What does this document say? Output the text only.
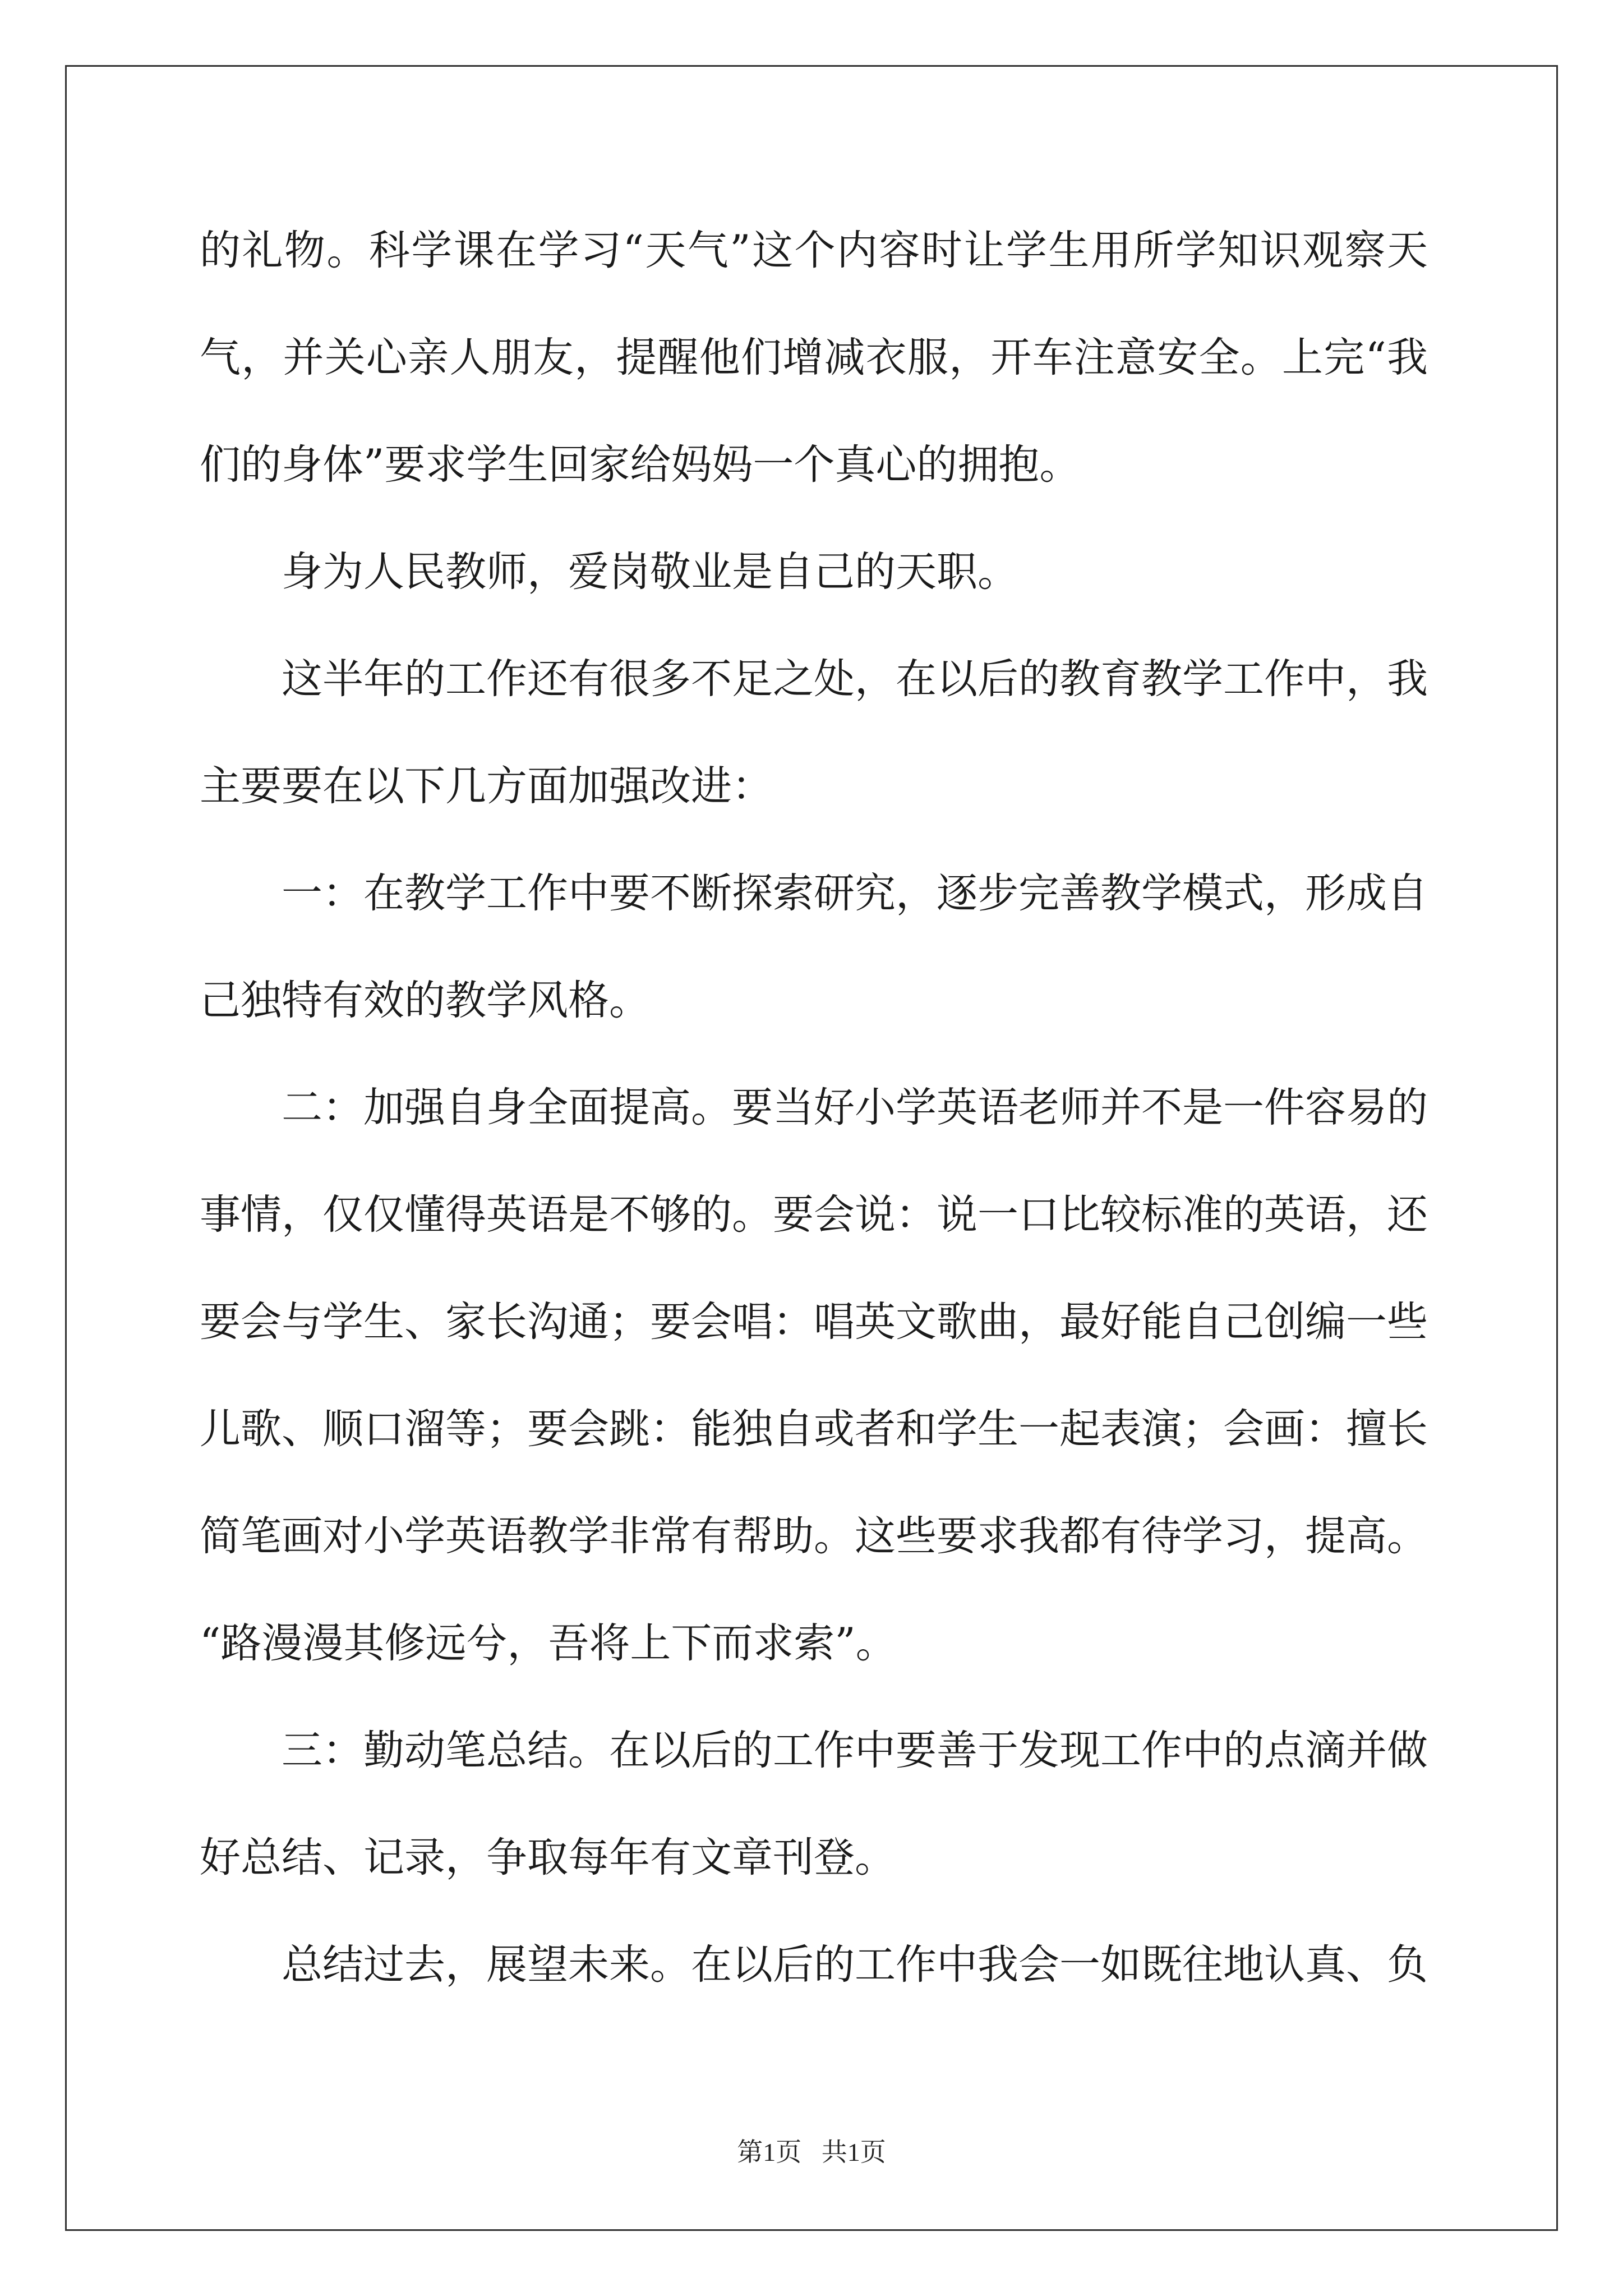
的礼物。科学课在学习“天气”这个内容时让学生用所学知识观察天
气，并关心亲人朋友，提醒他们增减衣服，开车注意安全。上完“我
们的身体”要求学生回家给妈妈一个真心的拥抱。
身为人民教师，爱岗敬业是自己的天职。
这半年的工作还有很多不足之处，在以后的教育教学工作中，我
主要要在以下几方面加强改进：
一：在教学工作中要不断探索研究，逐步完善教学模式，形成自
己独特有效的教学风格。
二：加强自身全面提高。要当好小学英语老师并不是一件容易的
事情，仅仅懂得英语是不够的。要会说：说一口比较标准的英语，还
要会与学生、家长沟通；要会唱：唱英文歌曲，最好能自己创编一些
儿歌、顺口溜等；要会跳：能独自或者和学生一起表演；会画：擅长
简笔画对小学英语教学非常有帮助。这些要求我都有待学习，提高。
“路漫漫其修远兮，吾将上下而求索”。
三：勤动笔总结。在以后的工作中要善于发现工作中的点滴并做
好总结、记录，争取每年有文章刊登。
总结过去，展望未来。在以后的工作中我会一如既往地认真、负
第1页 共1页
